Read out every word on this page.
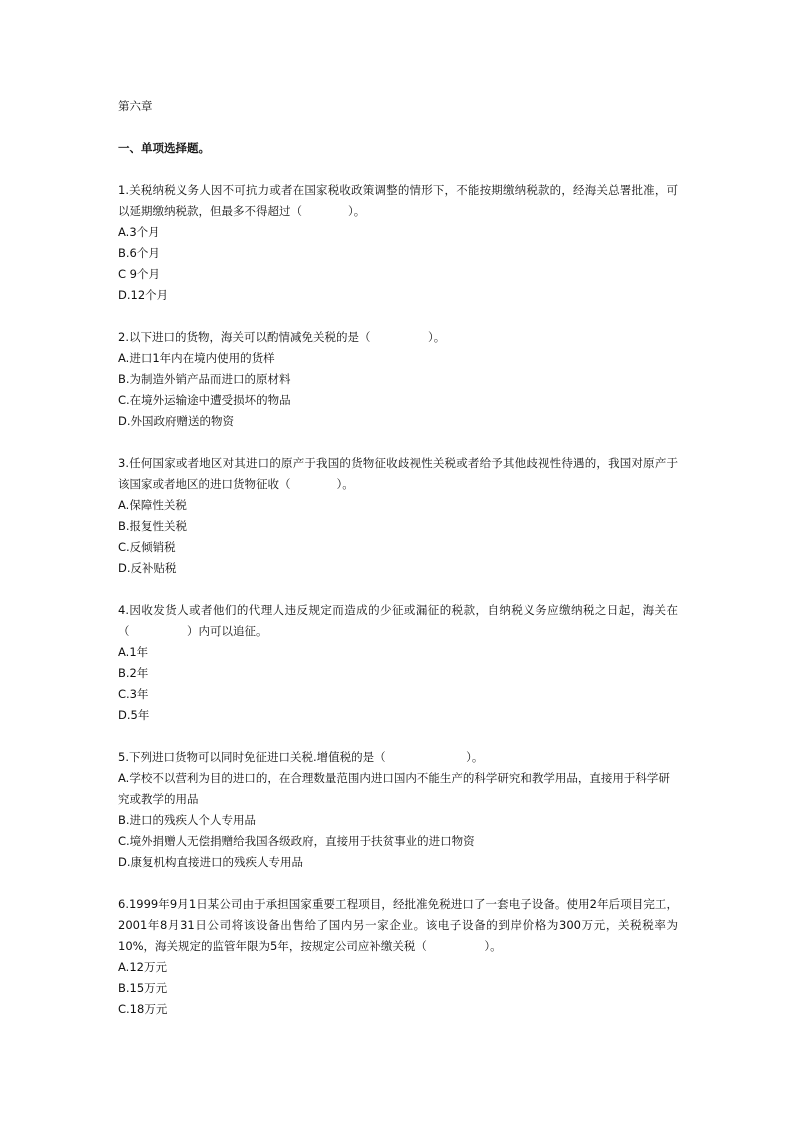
第六章
一、单项选择题。
1.关税纳税义务人因不可抗力或者在国家税收政策调整的情形下，不能按期缴纳税款的，经海关总署批准，可以延期缴纳税款，但最多不得超过（　　　　）。
A.3个月
B.6个月
C 9个月
D.12个月
2.以下进口的货物，海关可以酌情减免关税的是（　　　　　）。
A.进口1年内在境内使用的货样
B.为制造外销产品而进口的原材料
C.在境外运输途中遭受损坏的物品
D.外国政府赠送的物资
3.任何国家或者地区对其进口的原产于我国的货物征收歧视性关税或者给予其他歧视性待遇的，我国对原产于该国家或者地区的进口货物征收（　　　　）。
A.保障性关税
B.报复性关税
C.反倾销税
D.反补贴税
4.因收发货人或者他们的代理人违反规定而造成的少征或漏征的税款，自纳税义务应缴纳税之日起，海关在（　　　　　）内可以追征。
A.1年
B.2年
C.3年
D.5年
5.下列进口货物可以同时免征进口关税.增值税的是（　　　　　　　）。
A.学校不以营利为目的进口的，在合理数量范围内进口国内不能生产的科学研究和教学用品，直接用于科学研究或教学的用品
B.进口的残疾人个人专用品
C.境外捐赠人无偿捐赠给我国各级政府，直接用于扶贫事业的进口物资
D.康复机构直接进口的残疾人专用品
6.1999年9月1日某公司由于承担国家重要工程项目，经批准免税进口了一套电子设备。使用2年后项目完工，2001年8月31日公司将该设备出售给了国内另一家企业。该电子设备的到岸价格为300万元，关税税率为　10%，海关规定的监管年限为5年，按规定公司应补缴关税（　　　　　）。
A.12万元
B.15万元
C.18万元
